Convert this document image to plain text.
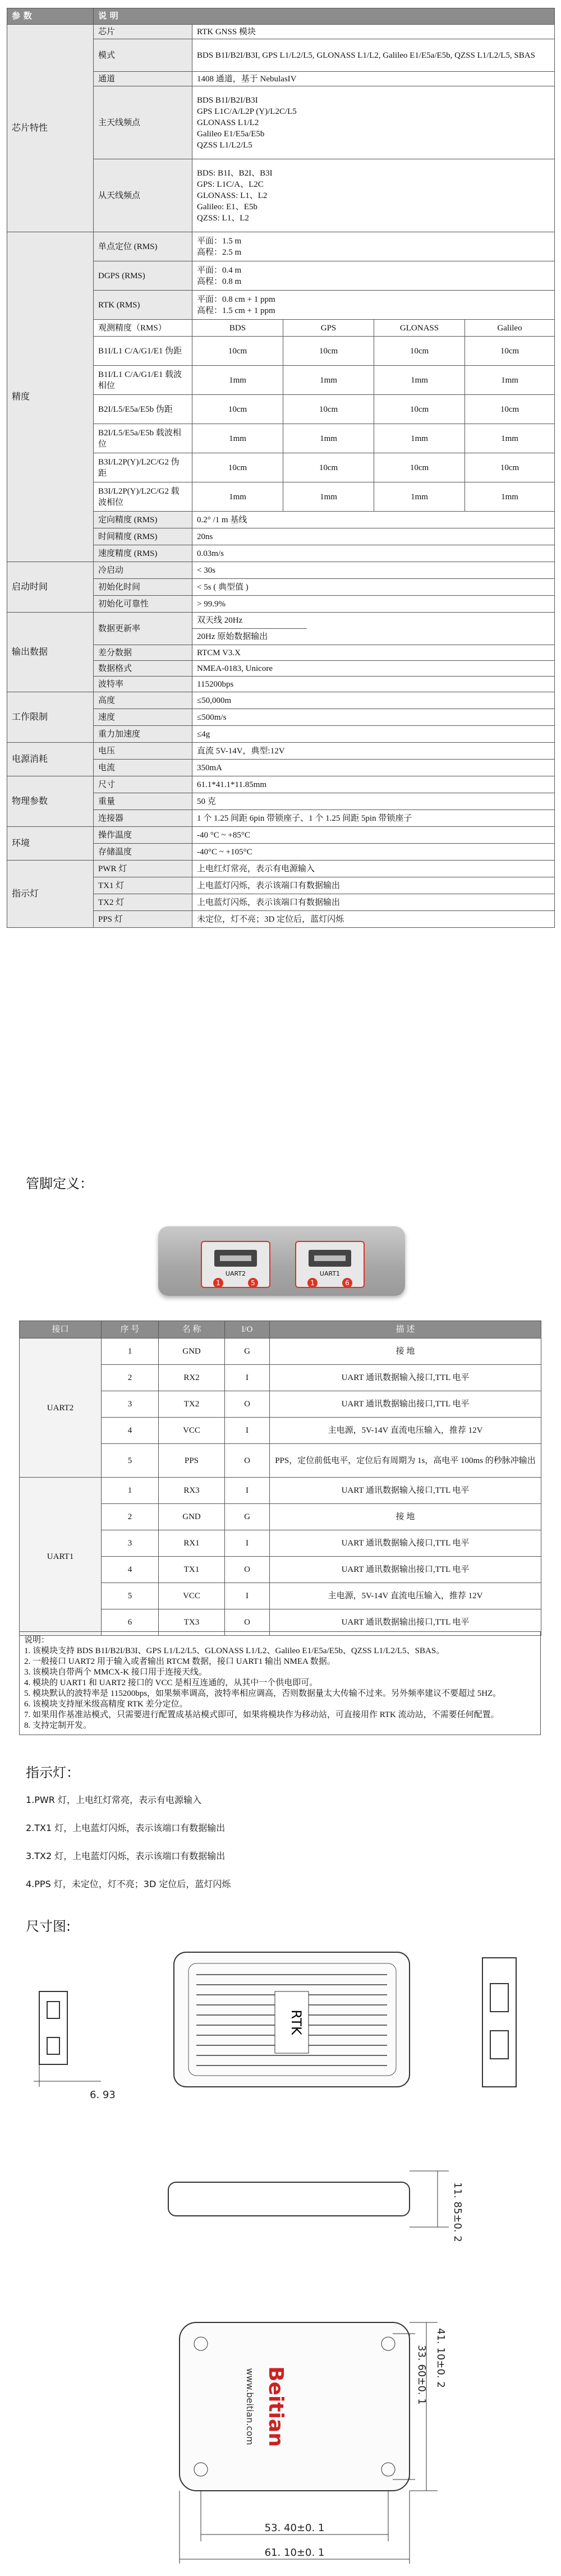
参 数	说 明				
芯片特性	芯片	RTK GNSS 模块			
	模式	BDS B1I/B2I/B3I, GPS L1/L2/L5, GLONASS L1/L2, Galileo E1/E5a/E5b, QZSS L1/L2/L5, SBAS			
	通道	1408 通道，基于 NebulasIV			
	主天线频点	BDS B1I/B2I/B3I
GPS L1C/A/L2P (Y)/L2C/L5
GLONASS L1/L2
Galileo E1/E5a/E5b
QZSS L1/L2/L5			

	从天线频点	BDS: B1I、B2I、B3I
GPS: L1C/A、L2C
GLONASS: L1、L2
Galileo: E1、E5b
QZSS: L1、L2			

精度	单点定位 (RMS)	平面：1.5 m
高程：2.5 m			

	DGPS (RMS)	平面：0.4 m
高程：0.8 m			

	RTK (RMS)	平面：0.8 cm + 1 ppm
高程：1.5 cm + 1 ppm			

	观测精度（RMS）	BDS	GPS	GLONASS	Galileo
	B1I/L1 C/A/G1/E1 伪距	10cm	10cm	10cm	10cm
	B1I/L1 C/A/G1/E1 载波相位	1mm	1mm	1mm	1mm
	B2I/L5/E5a/E5b 伪距	10cm	10cm	10cm	10cm
	B2I/L5/E5a/E5b 载波相位	1mm	1mm	1mm	1mm
	B3I/L2P(Y)/L2C/G2 伪距	10cm	10cm	10cm	10cm
	B3I/L2P(Y)/L2C/G2 载波相位	1mm	1mm	1mm	1mm
	定向精度 (RMS)	0.2° /1 m 基线			
	时间精度 (RMS)	20ns			
	速度精度 (RMS)	0.03m/s			
启动时间	冷启动	< 30s			
	初始化时间	< 5s ( 典型值 )			
	初始化可靠性	> 99.9%			
输出数据	数据更新率	双天线 20Hz
20Hz 原始数据输出			

	差分数据	RTCM V3.X			
	数据格式	NMEA-0183, Unicore			
	波特率	115200bps			
工作限制	高度	≤50,000m			
	速度	≤500m/s			
	重力加速度	≤4g			
电源消耗	电压	直流 5V-14V，典型:12V			
	电流	350mA			
物理参数	尺寸	61.1*41.1*11.85mm			
	重量	50 克			
	连接器	1 个 1.25 间距 6pin 带锁座子、1 个 1.25 间距 5pin 带锁座子			
环境	操作温度	-40 °C ~ +85°C			
	存储温度	-40°C ~ +105°C			
指示灯	PWR 灯	上电红灯常亮，表示有电源输入			
	TX1 灯	上电蓝灯闪烁，表示该端口有数据输出			
	TX2 灯	上电蓝灯闪烁，表示该端口有数据输出			
	PPS 灯	未定位，灯不亮；3D 定位后，蓝灯闪烁			
管脚定义：
UART2
1	5
UART1
1	6
接口	序 号	名 称	I/O	描 述
UART2	1	GND	G	接 地
	2	RX2	I	UART 通讯数据输入接口,TTL 电平
	3	TX2	O	UART 通讯数据输出接口,TTL 电平
	4	VCC	I	主电源，5V-14V 直流电压输入，推荐 12V
	5	PPS	O	PPS，定位前低电平，定位后有周期为 1s，高电平 100ms 的秒脉冲输出
UART1	1	RX3	I	UART 通讯数据输入接口,TTL 电平
	2	GND	G	接 地
	3	RX1	I	UART 通讯数据输入接口,TTL 电平
	4	TX1	O	UART 通讯数据输出接口,TTL 电平
	5	VCC	I	主电源，5V-14V 直流电压输入，推荐 12V
	6	TX3	O	UART 通讯数据输出接口,TTL 电平

说明：

1. 该模块支持 BDS B1I/B2I/B3I、GPS L1/L2/L5、GLONASS L1/L2、Galileo E1/E5a/E5b、QZSS L1/L2/L5、SBAS。

2. 一般接口 UART2 用于输入或者输出 RTCM 数据，接口 UART1 输出 NMEA 数据。

3. 该模块自带两个 MMCX-K 接口用于连接天线。

4. 模块的 UART1 和 UART2 接口的 VCC 是相互连通的，从其中一个供电即可。

5. 模块默认的波特率是 115200bps，如果频率调高，波特率相应调高，否则数据量太大传输不过来。另外频率建议不要超过 5HZ。

6. 该模块支持厘米级高精度 RTK 差分定位。

7. 如果用作基准站模式，只需要进行配置成基站模式即可，如果将模块作为移动站，可直接用作 RTK 流动站，不需要任何配置。

8. 支持定制开发。

指示灯：
1.PWR 灯，上电红灯常亮，表示有电源输入
2.TX1 灯，上电蓝灯闪烁，表示该端口有数据输出
3.TX2 灯，上电蓝灯闪烁，表示该端口有数据输出
4.PPS 灯，未定位，灯不亮；3D 定位后，蓝灯闪烁
尺寸图:
6. 93
RTK
11. 85±0. 2
Beitian
www.beitian.com
41. 10±0. 2
33. 60±0. 1
53. 40±0. 1
61. 10±0. 1
